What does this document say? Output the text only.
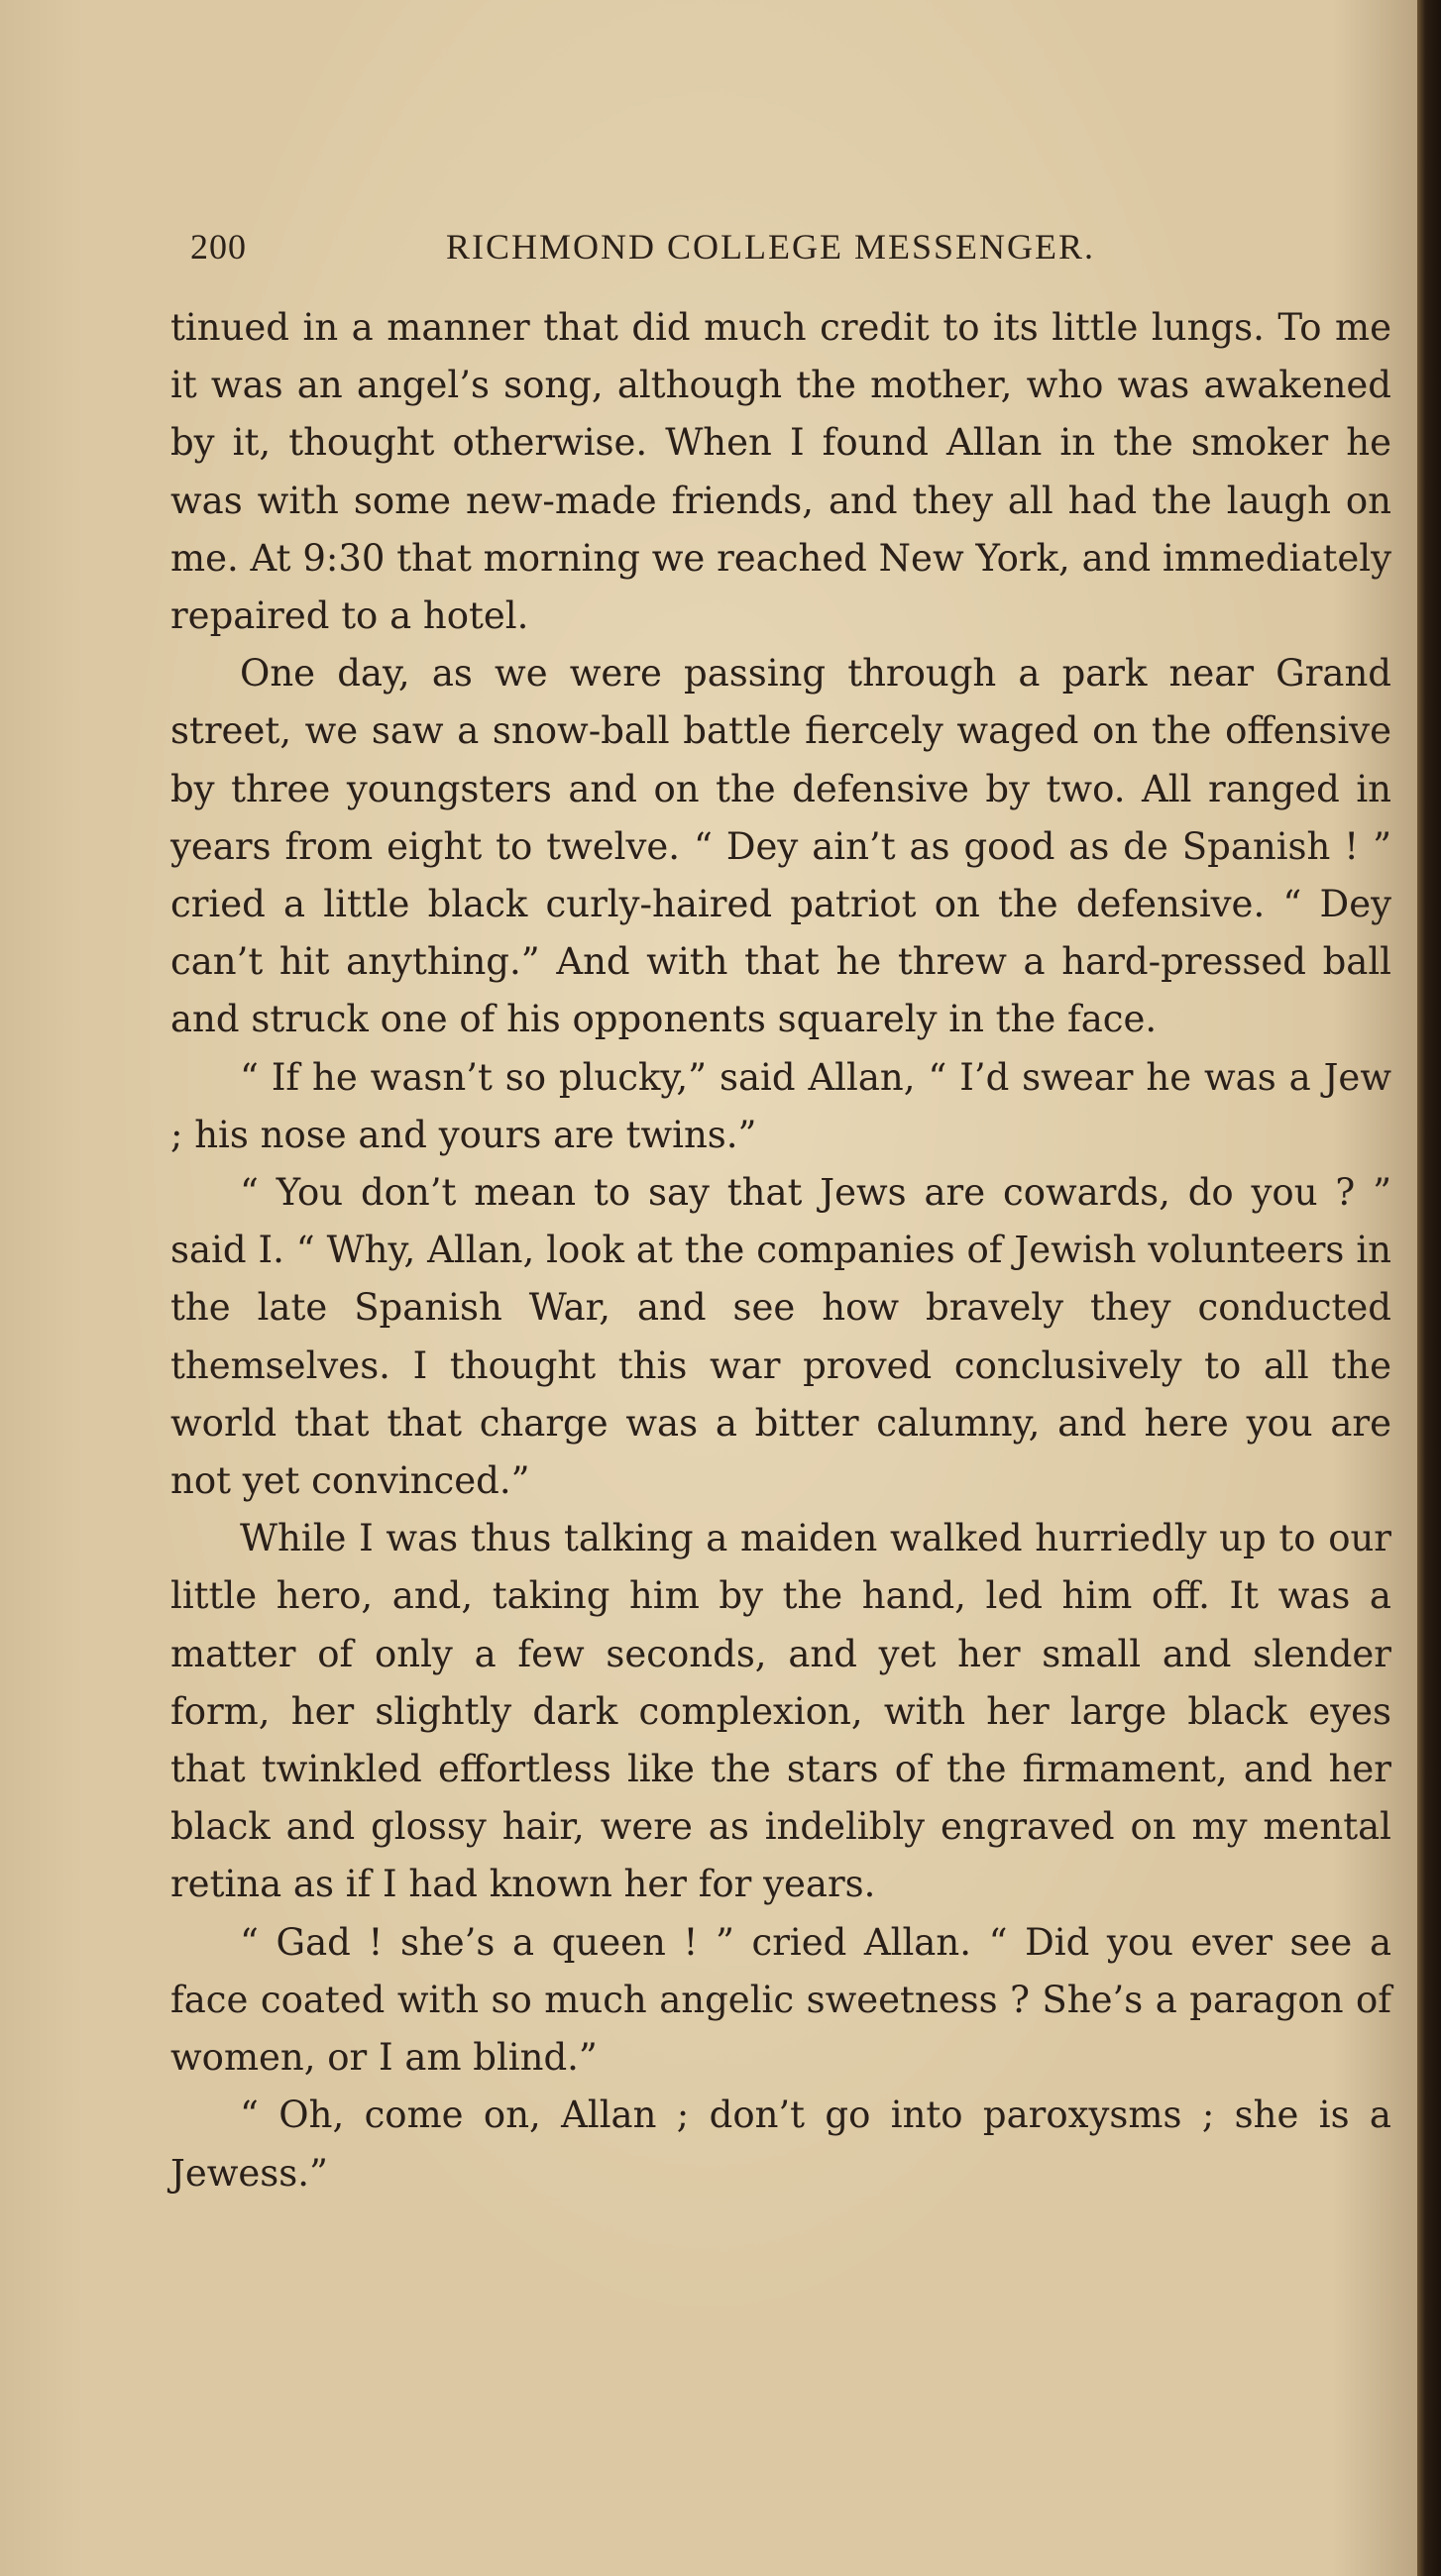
200	RICHMOND COLLEGE MESSENGER.

tinued in a manner that did much credit to its little lungs. To me it was an angel’s song, although the mother, who was awakened by it, thought otherwise. When I found Allan in the smoker he was with some new-made friends, and they all had the laugh on me. At 9:30 that morning we reached New York, and immediately repaired to a hotel.

One day, as we were passing through a park near Grand street, we saw a snow-ball battle fiercely waged on the offensive by three youngsters and on the defensive by two. All ranged in years from eight to twelve. “ Dey ain’t as good as de Spanish ! ” cried a little black curly-haired patriot on the defensive. “ Dey can’t hit anything.” And with that he threw a hard-pressed ball and struck one of his opponents squarely in the face.

“ If he wasn’t so plucky,” said Allan, “ I’d swear he was a Jew ; his nose and yours are twins.”

“ You don’t mean to say that Jews are cowards, do you ? ” said I. “ Why, Allan, look at the companies of Jewish volunteers in the late Spanish War, and see how bravely they conducted themselves. I thought this war proved conclusively to all the world that that charge was a bitter calumny, and here you are not yet convinced.”

While I was thus talking a maiden walked hurriedly up to our little hero, and, taking him by the hand, led him off. It was a matter of only a few seconds, and yet her small and slender form, her slightly dark complexion, with her large black eyes that twinkled effortless like the stars of the firmament, and her black and glossy hair, were as indelibly engraved on my mental retina as if I had known her for years.

“ Gad ! she’s a queen ! ” cried Allan. “ Did you ever see a face coated with so much angelic sweetness ? She’s a paragon of women, or I am blind.”

“ Oh, come on, Allan ; don’t go into paroxysms ; she is a Jewess.”
